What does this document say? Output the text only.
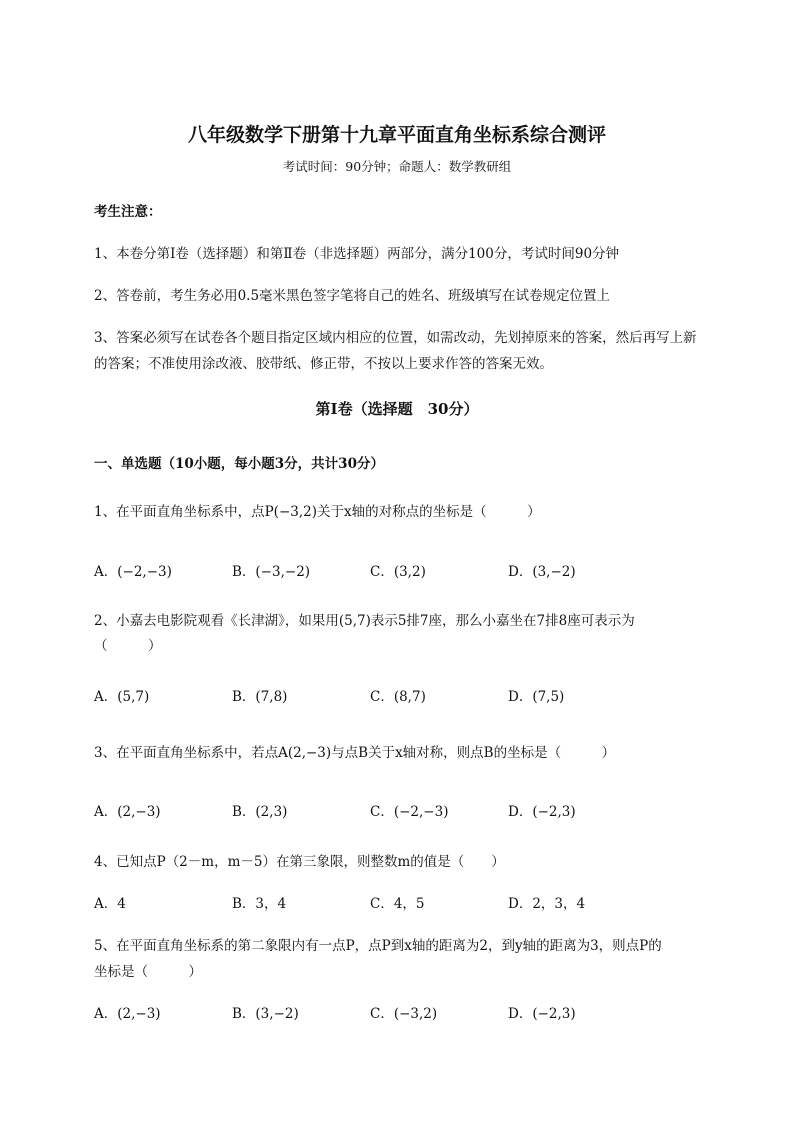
八年级数学下册第十九章平面直角坐标系综合测评
考试时间：90分钟；命题人：数学教研组
考生注意：
1、本卷分第Ⅰ卷（选择题）和第Ⅱ卷（非选择题）两部分，满分100分，考试时间90分钟
2、答卷前，考生务必用0.5毫米黑色签字笔将自己的姓名、班级填写在试卷规定位置上
3、答案必须写在试卷各个题目指定区域内相应的位置，如需改动，先划掉原来的答案，然后再写上新
的答案；不准使用涂改液、胶带纸、修正带，不按以上要求作答的答案无效。
第Ⅰ卷（选择题　30分）
一、单选题（10小题，每小题3分，共计30分）
1、在平面直角坐标系中，点P(−3,2)关于x轴的对称点的坐标是（　　　）
A．(−2,−3)	B．(−3,−2)	C．(3,2)	D．(3,−2)
2、小嘉去电影院观看《长津湖》，如果用(5,7)表示5排7座，那么小嘉坐在7排8座可表示为
（　　　）
A．(5,7)	B．(7,8)	C．(8,7)	D．(7,5)
3、在平面直角坐标系中，若点A(2,−3)与点B关于x轴对称，则点B的坐标是（　　　）
A．(2,−3)	B．(2,3)	C．(−2,−3)	D．(−2,3)
4、已知点P（2－m，m－5）在第三象限，则整数m的值是（　　）
A．4	B．3，4	C．4，5	D．2，3，4
5、在平面直角坐标系的第二象限内有一点P，点P到x轴的距离为2，到y轴的距离为3，则点P的
坐标是（　　　）
A．(2,−3)	B．(3,−2)	C．(−3,2)	D．(−2,3)
